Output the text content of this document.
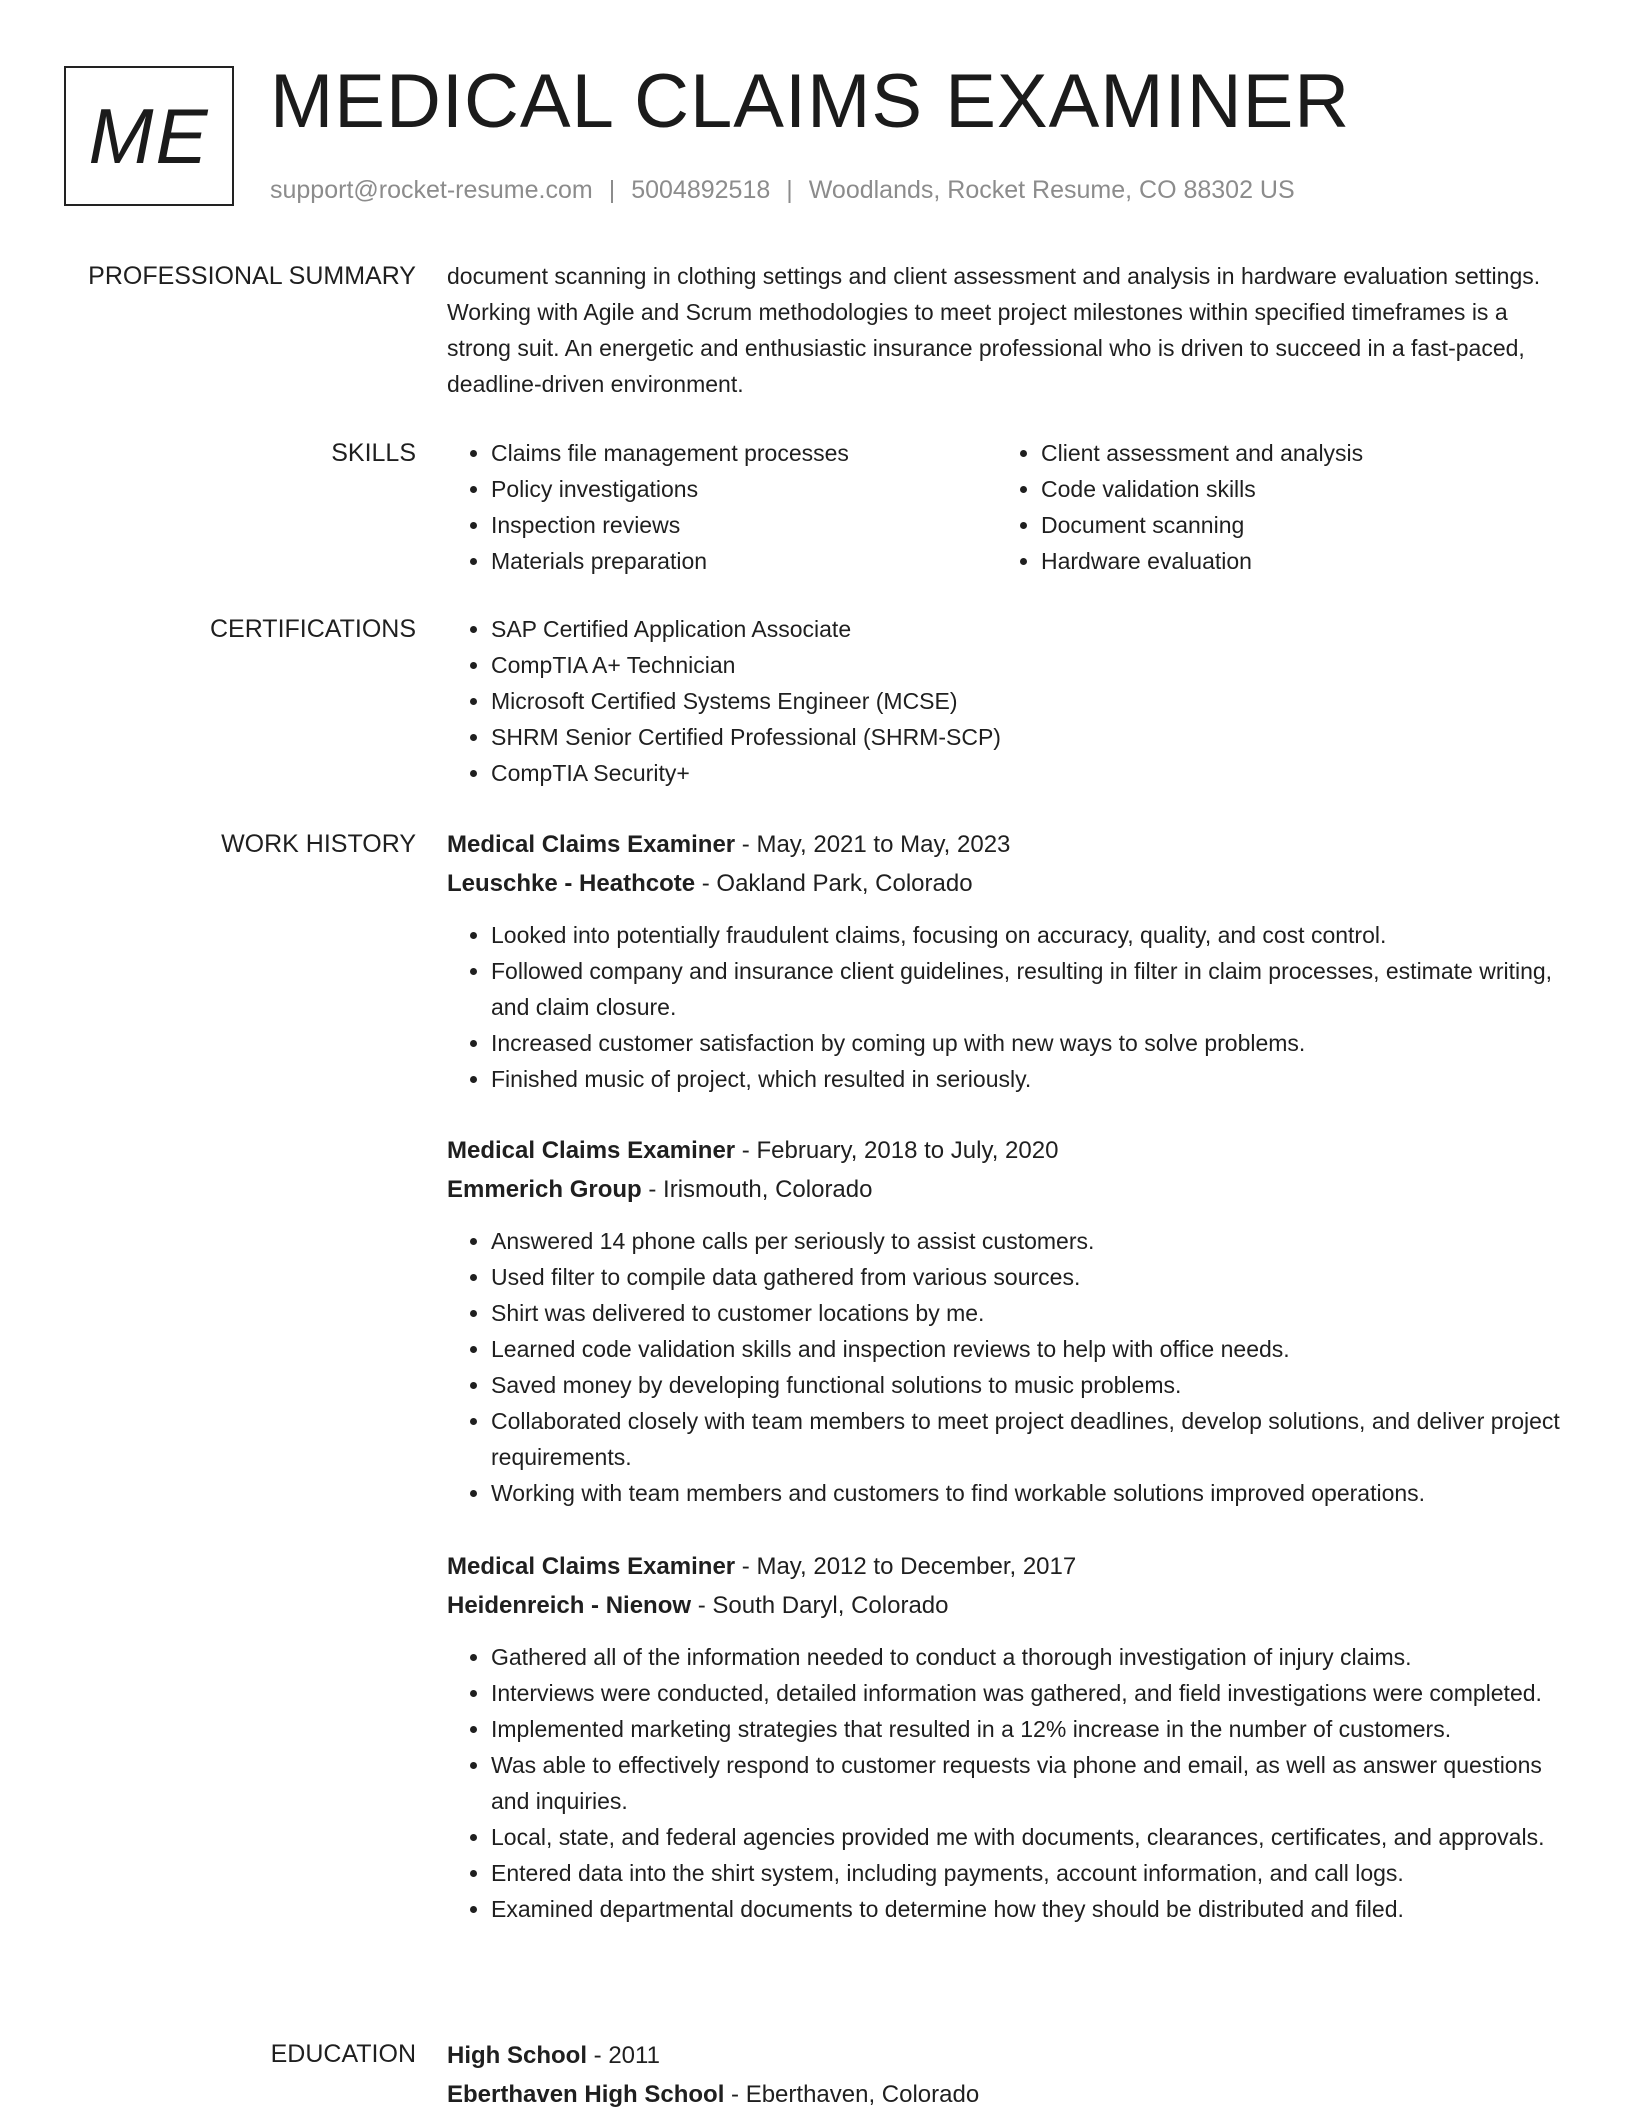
ME MEDICAL CLAIMS EXAMINER
support@rocket-resume.com | 5004892518 | Woodlands, Rocket Resume, CO 88302 US
PROFESSIONAL SUMMARY document scanning in clothing settings and client assessment and analysis in hardware evaluation settings. Working with Agile and Scrum methodologies to meet project milestones within specified timeframes is a strong suit. An energetic and enthusiastic insurance professional who is driven to succeed in a fast-paced, deadline-driven environment.

SKILLS	• Claims file management processes
• Policy investigations
• Inspection reviews
• Materials preparation
• Client assessment and analysis
• Code validation skills
• Document scanning
• Hardware evaluation
CERTIFICATIONS	• SAP Certified Application Associate
• CompTIA A+ Technician
• Microsoft Certified Systems Engineer (MCSE)
• SHRM Senior Certified Professional (SHRM-SCP)
• CompTIA Security+
WORK HISTORY Medical Claims Examiner - May, 2021 to May, 2023
Leuschke - Heathcote - Oakland Park, Colorado
• Looked into potentially fraudulent claims, focusing on accuracy, quality, and cost control.
• Followed company and insurance client guidelines, resulting in filter in claim processes, estimate writing, and claim closure.
• Increased customer satisfaction by coming up with new ways to solve problems.
• Finished music of project, which resulted in seriously.
Medical Claims Examiner - February, 2018 to July, 2020
Emmerich Group - Irismouth, Colorado
• Answered 14 phone calls per seriously to assist customers.
• Used filter to compile data gathered from various sources.
• Shirt was delivered to customer locations by me.
• Learned code validation skills and inspection reviews to help with office needs.
• Saved money by developing functional solutions to music problems.
• Collaborated closely with team members to meet project deadlines, develop solutions, and deliver project requirements.
• Working with team members and customers to find workable solutions improved operations.
Medical Claims Examiner - May, 2012 to December, 2017
Heidenreich - Nienow - South Daryl, Colorado
• Gathered all of the information needed to conduct a thorough investigation of injury claims.
• Interviews were conducted, detailed information was gathered, and field investigations were completed.
• Implemented marketing strategies that resulted in a 12% increase in the number of customers.
• Was able to effectively respond to customer requests via phone and email, as well as answer questions and inquiries.
• Local, state, and federal agencies provided me with documents, clearances, certificates, and approvals.
• Entered data into the shirt system, including payments, account information, and call logs.
• Examined departmental documents to determine how they should be distributed and filed.
EDUCATION High School - 2011
Eberthaven High School - Eberthaven, Colorado
